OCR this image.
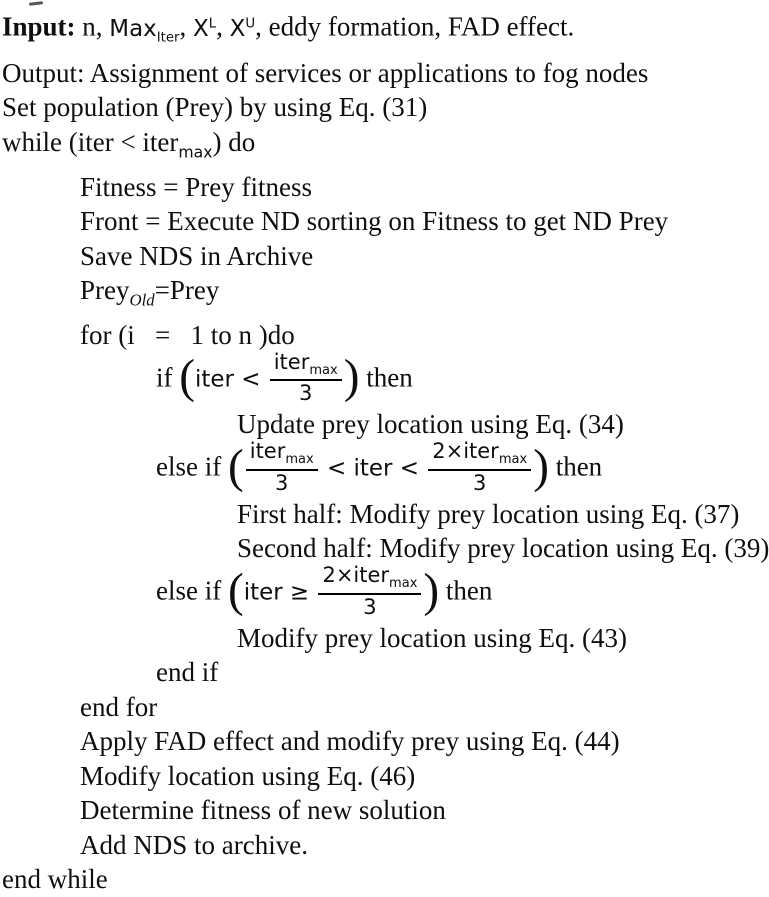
Input: n, Max$_{Iter}$, $X^L$, $X^U$, eddy formation, FAD effect.
Output: Assignment of services or applications to fog nodes
Set population (Prey) by using Eq. (31)
while (iter < iter$_{max}$) do
Fitness = Prey fitness
Front = Execute ND sorting on Fitness to get ND Prey
Save NDS in Archive
Prey$_{Old}$=Prey
for (i  =  1 to n )do
if (iter < $\frac{iter_{max}}{3}$ ) then
Update prey location using Eq. (34)
else if ( $\frac{iter_{max}}{3}$ < iter < $\frac{2\times iter_{max}}{3}$ ) then
First half: Modify prey location using Eq. (37)
Second half: Modify prey location using Eq. (39)
else if (iter ≥ $\frac{2\times iter_{max}}{3}$ ) then
Modify prey location using Eq. (43)
end if
end for
Apply FAD effect and modify prey using Eq. (44)
Modify location using Eq. (46)
Determine fitness of new solution
Add NDS to archive.
end while
